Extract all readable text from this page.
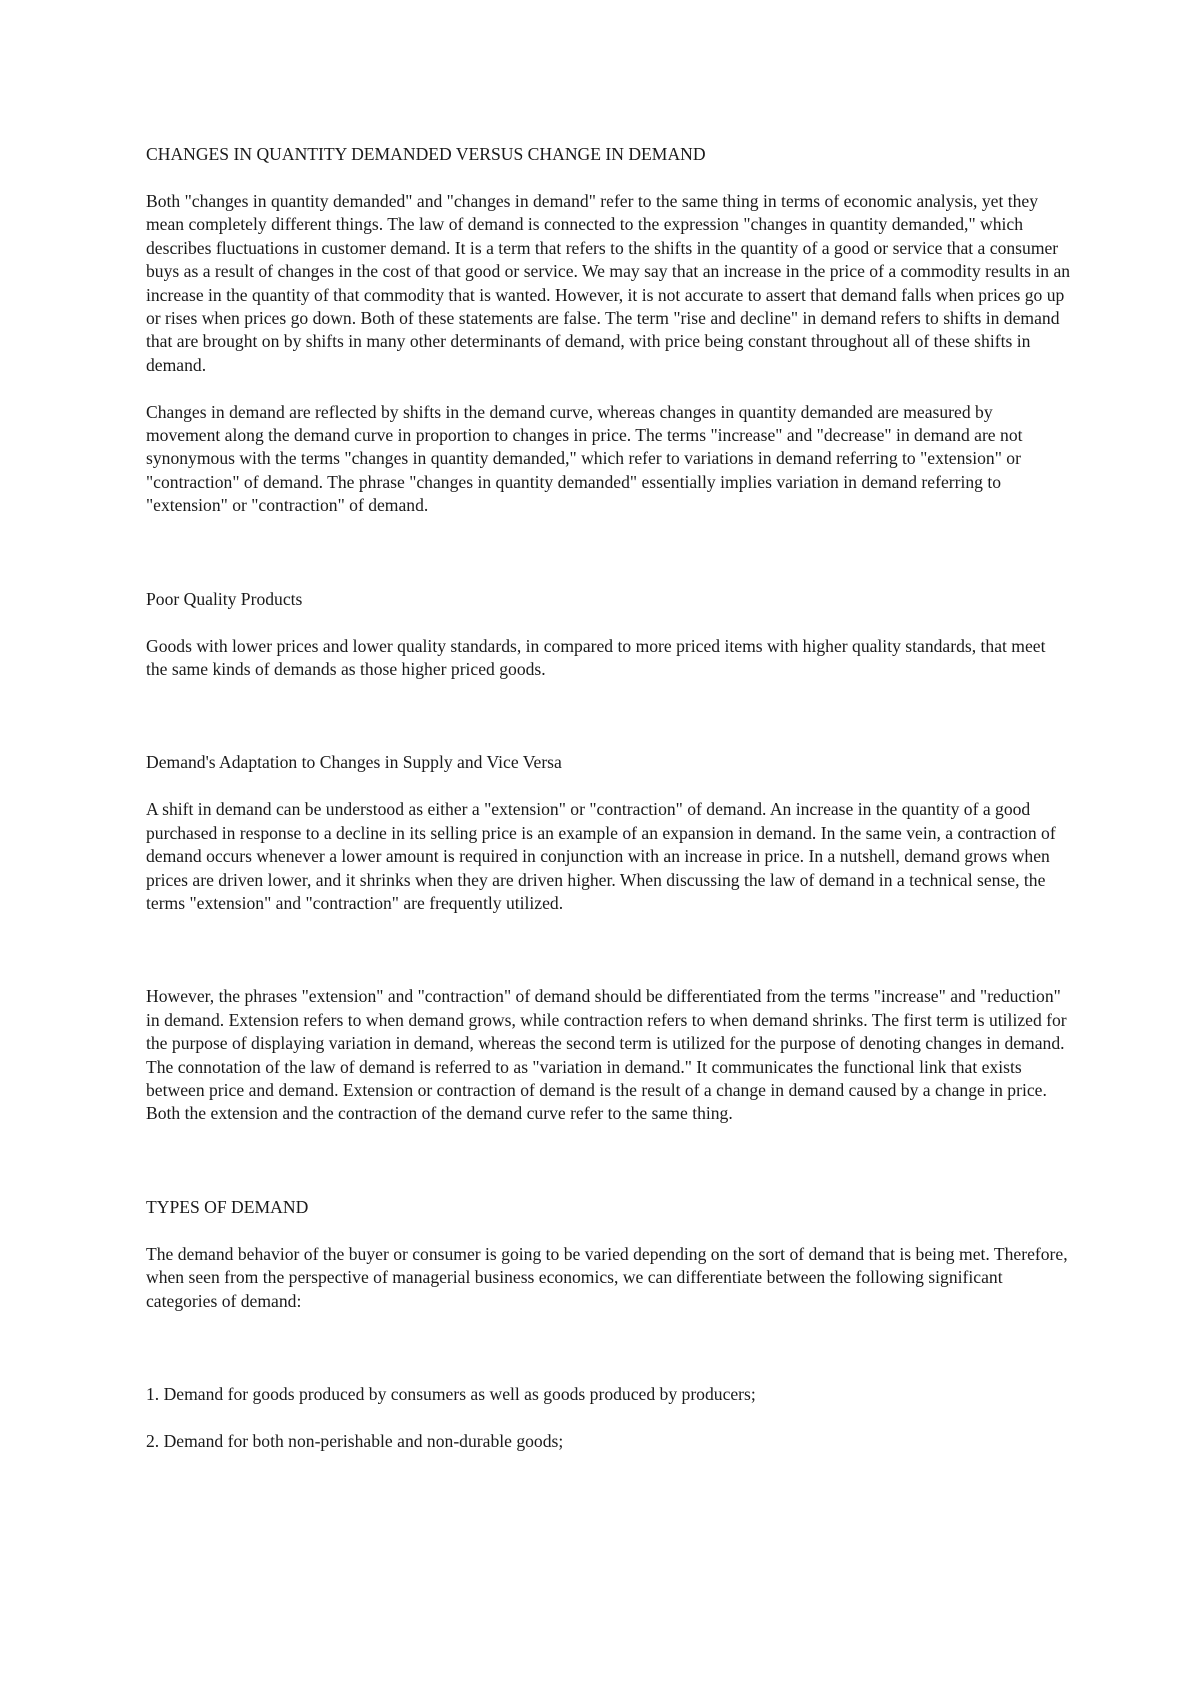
CHANGES IN QUANTITY DEMANDED VERSUS CHANGE IN DEMAND

Both "changes in quantity demanded" and "changes in demand" refer to the same thing in terms of economic analysis, yet they mean completely different things. The law of demand is connected to the expression "changes in quantity demanded," which describes fluctuations in customer demand. It is a term that refers to the shifts in the quantity of a good or service that a consumer buys as a result of changes in the cost of that good or service. We may say that an increase in the price of a commodity results in an increase in the quantity of that commodity that is wanted. However, it is not accurate to assert that demand falls when prices go up or rises when prices go down. Both of these statements are false. The term "rise and decline" in demand refers to shifts in demand that are brought on by shifts in many other determinants of demand, with price being constant throughout all of these shifts in demand.

Changes in demand are reflected by shifts in the demand curve, whereas changes in quantity demanded are measured by movement along the demand curve in proportion to changes in price. The terms "increase" and "decrease" in demand are not synonymous with the terms "changes in quantity demanded," which refer to variations in demand referring to "extension" or "contraction" of demand. The phrase "changes in quantity demanded" essentially implies variation in demand referring to "extension" or "contraction" of demand.

Poor Quality Products

Goods with lower prices and lower quality standards, in compared to more priced items with higher quality standards, that meet the same kinds of demands as those higher priced goods.

Demand's Adaptation to Changes in Supply and Vice Versa

A shift in demand can be understood as either a "extension" or "contraction" of demand. An increase in the quantity of a good purchased in response to a decline in its selling price is an example of an expansion in demand. In the same vein, a contraction of demand occurs whenever a lower amount is required in conjunction with an increase in price. In a nutshell, demand grows when prices are driven lower, and it shrinks when they are driven higher. When discussing the law of demand in a technical sense, the terms "extension" and "contraction" are frequently utilized.

However, the phrases "extension" and "contraction" of demand should be differentiated from the terms "increase" and "reduction" in demand. Extension refers to when demand grows, while contraction refers to when demand shrinks. The first term is utilized for the purpose of displaying variation in demand, whereas the second term is utilized for the purpose of denoting changes in demand. The connotation of the law of demand is referred to as "variation in demand." It communicates the functional link that exists between price and demand. Extension or contraction of demand is the result of a change in demand caused by a change in price. Both the extension and the contraction of the demand curve refer to the same thing.

TYPES OF DEMAND

The demand behavior of the buyer or consumer is going to be varied depending on the sort of demand that is being met. Therefore, when seen from the perspective of managerial business economics, we can differentiate between the following significant categories of demand:

1. Demand for goods produced by consumers as well as goods produced by producers;

2. Demand for both non-perishable and non-durable goods;
